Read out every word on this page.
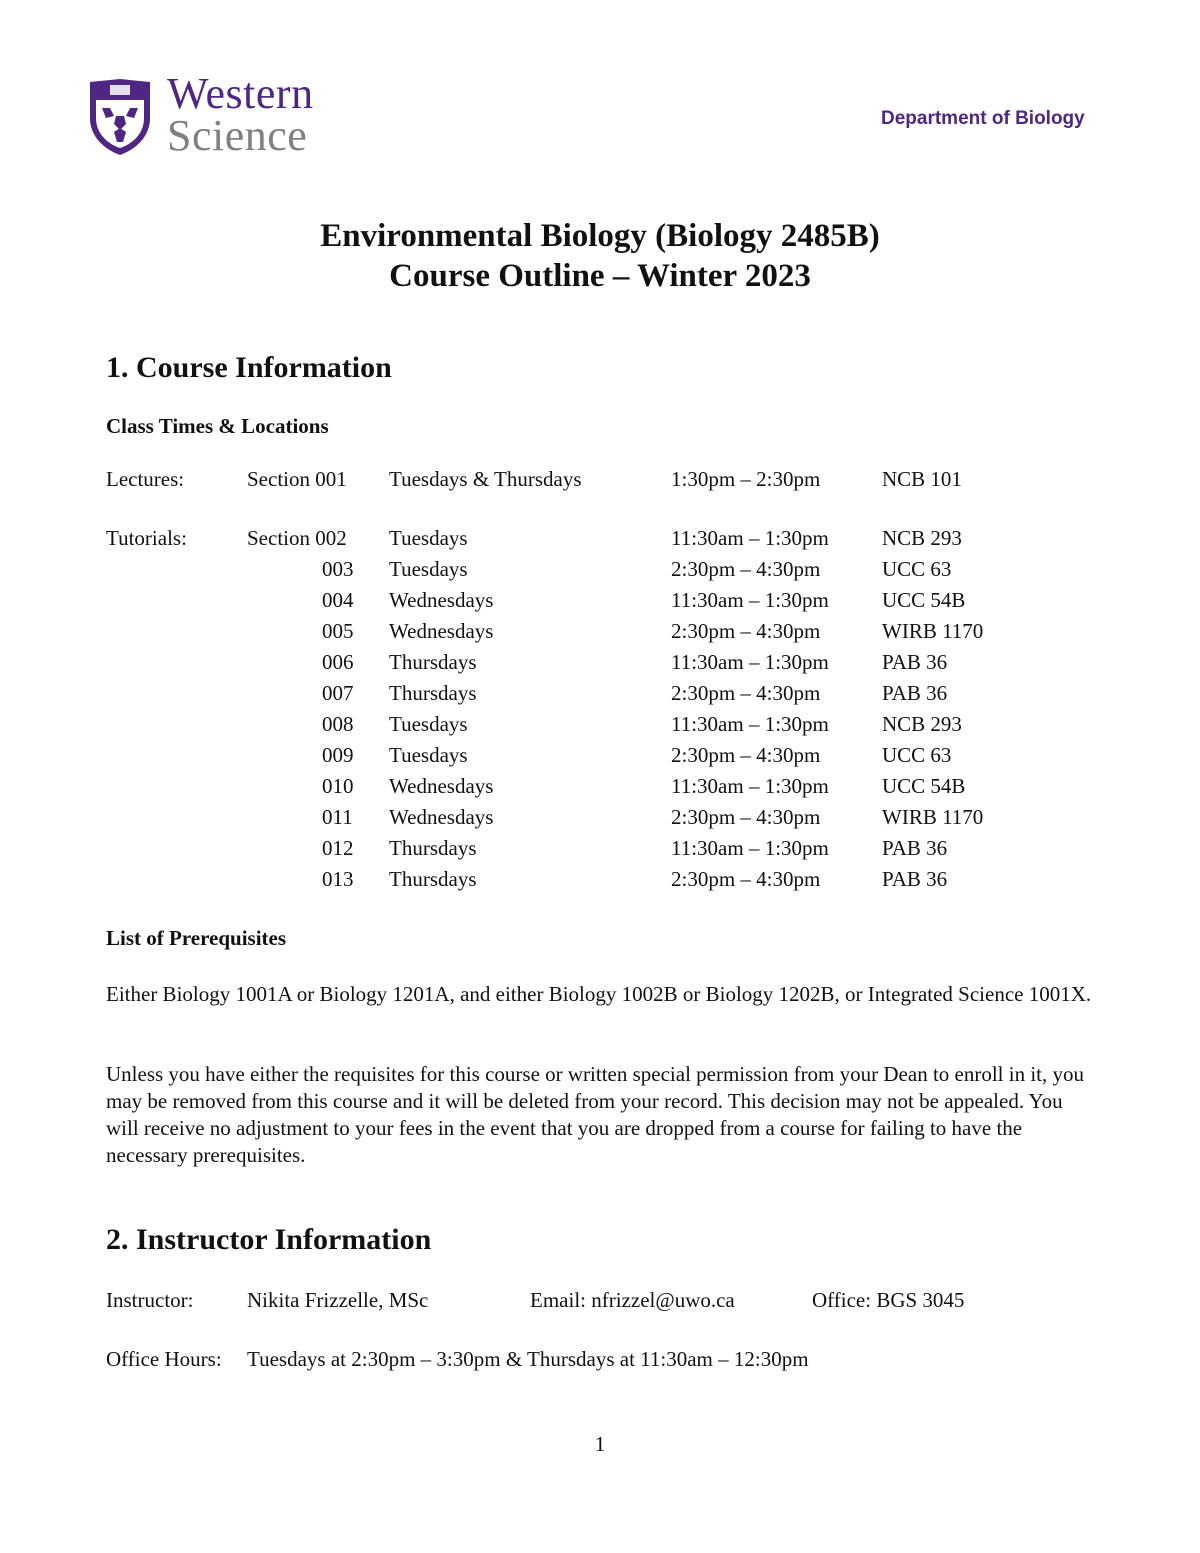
Western
Science	Department of Biology
Environmental Biology (Biology 2485B)
Course Outline – Winter 2023
1. Course Information
Class Times & Locations
Lectures:	Section 001 Tuesdays & Thursdays	1:30pm – 2:30pm	NCB 101
Tutorials:	Section 002 Tuesdays	11:30am – 1:30pm	NCB 293
003 Tuesdays	2:30pm – 4:30pm	UCC 63
004 Wednesdays	11:30am – 1:30pm	UCC 54B
005 Wednesdays	2:30pm – 4:30pm	WIRB 1170
006 Thursdays	11:30am – 1:30pm	PAB 36
007 Thursdays	2:30pm – 4:30pm	PAB 36
008 Tuesdays	11:30am – 1:30pm	NCB 293
009 Tuesdays	2:30pm – 4:30pm	UCC 63
010 Wednesdays	11:30am – 1:30pm	UCC 54B
011 Wednesdays	2:30pm – 4:30pm	WIRB 1170
012 Thursdays	11:30am – 1:30pm	PAB 36
013 Thursdays	2:30pm – 4:30pm	PAB 36
List of Prerequisites
Either Biology 1001A or Biology 1201A, and either Biology 1002B or Biology 1202B, or Integrated Science 1001X.
Unless you have either the requisites for this course or written special permission from your Dean to enroll in it, you may be removed from this course and it will be deleted from your record. This decision may not be appealed. You will receive no adjustment to your fees in the event that you are dropped from a course for failing to have the necessary prerequisites.
2. Instructor Information
Instructor:	Nikita Frizzelle, MSc	Email: nfrizzel@uwo.ca	Office: BGS 3045
Office Hours: Tuesdays at 2:30pm – 3:30pm & Thursdays at 11:30am – 12:30pm
1
